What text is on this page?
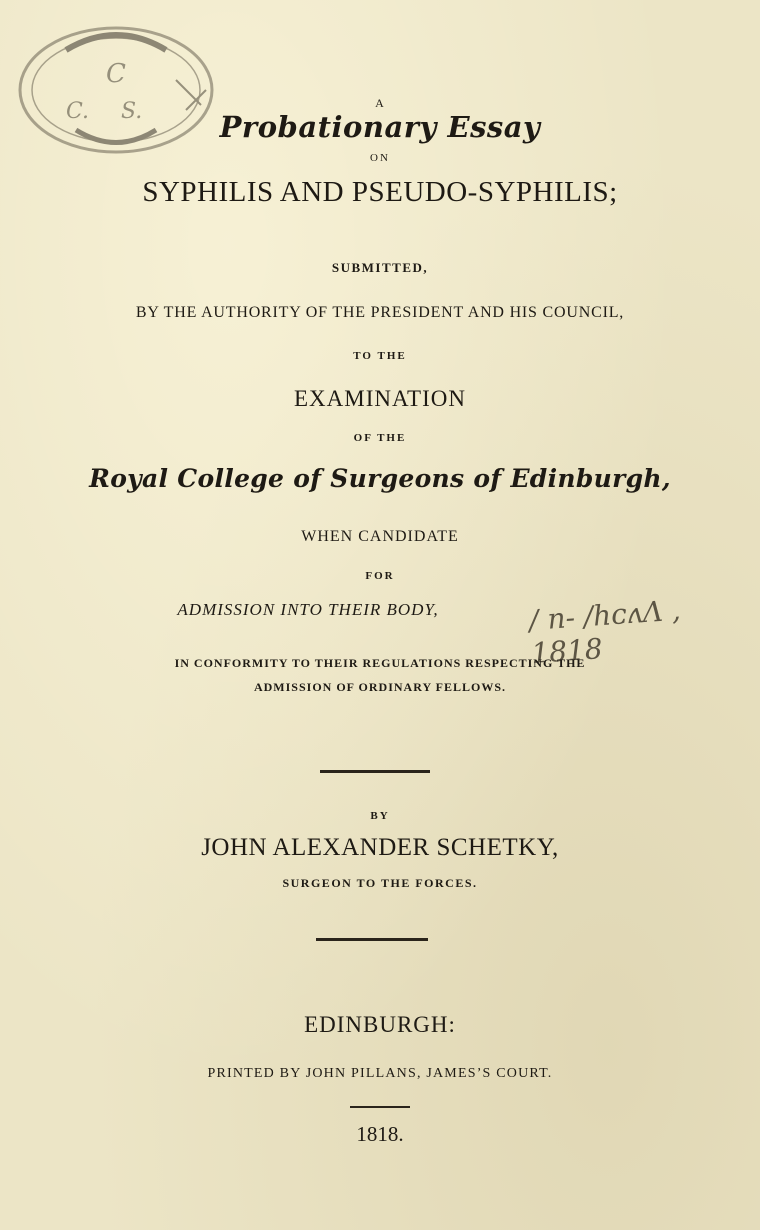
C
C. S.	A
Probationary Essay
ON
SYPHILIS AND PSEUDO-SYPHILIS;
SUBMITTED,
BY THE AUTHORITY OF THE PRESIDENT AND HIS COUNCIL,
TO THE
EXAMINATION
OF THE
Royal College of Surgeons of Edinburgh,
WHEN CANDIDATE
FOR
ADMISSION INTO THEIR BODY,	/ n- /hᴄʌɅ , 1818
IN CONFORMITY TO THEIR REGULATIONS RESPECTING THE
ADMISSION OF ORDINARY FELLOWS.
BY
JOHN ALEXANDER SCHETKY,
SURGEON TO THE FORCES.
EDINBURGH:
PRINTED BY JOHN PILLANS, JAMES’S COURT.
1818.
